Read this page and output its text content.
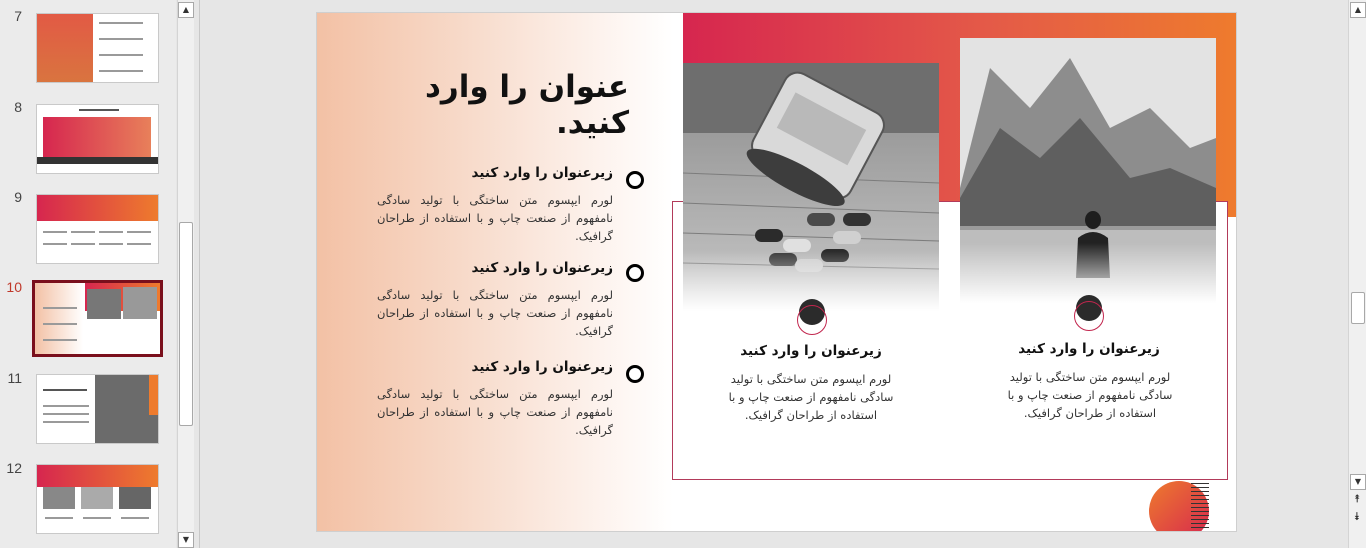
7
8
9
10
11
12
▲
▼
عنوان را وارد کنید.
زیرعنوان را وارد کنید
لورم ایپسوم متن ساختگی با تولید سادگی نامفهوم از صنعت چاپ و با استفاده از طراحان گرافیک.
زیرعنوان را وارد کنید
لورم ایپسوم متن ساختگی با تولید سادگی نامفهوم از صنعت چاپ و با استفاده از طراحان گرافیک.
زیرعنوان را وارد کنید
لورم ایپسوم متن ساختگی با تولید سادگی نامفهوم از صنعت چاپ و با استفاده از طراحان گرافیک.
زیرعنوان را وارد کنید
لورم ایپسوم متن ساختگی با تولید سادگی نامفهوم از صنعت چاپ و با استفاده از طراحان گرافیک.
زیرعنوان را وارد کنید
لورم ایپسوم متن ساختگی با تولید سادگی نامفهوم از صنعت چاپ و با استفاده از طراحان گرافیک.
▲
▼
⯭
⯯
